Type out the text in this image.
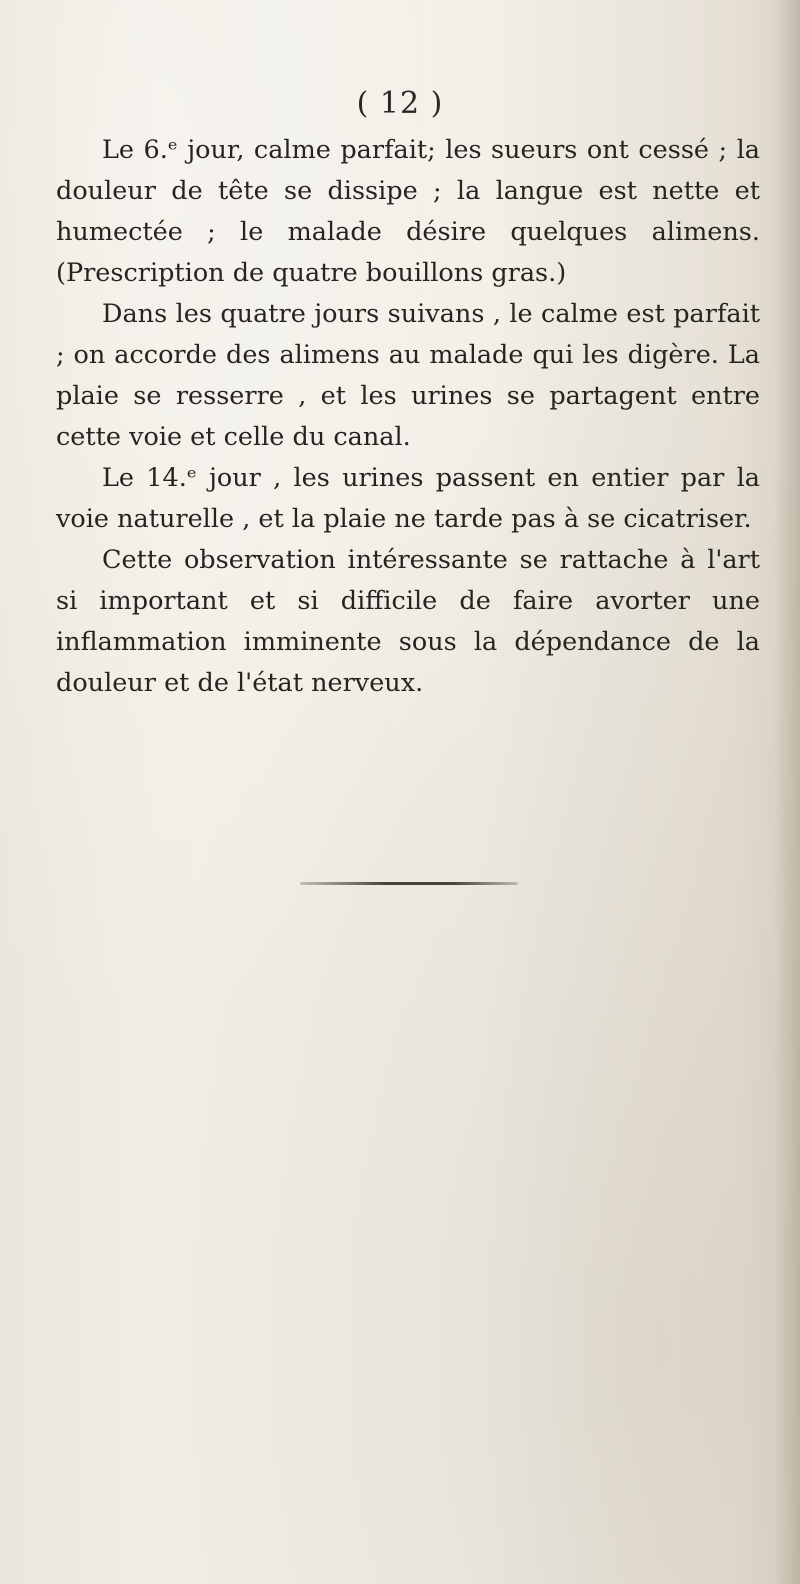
( 12 )

Le 6.ᵉ jour, calme parfait; les sueurs ont cessé ; la douleur de tête se dissipe ; la langue est nette et humectée ; le malade désire quelques alimens. (Prescription de quatre bouillons gras.)

Dans les quatre jours suivans , le calme est parfait ; on accorde des alimens au malade qui les digère. La plaie se resserre , et les urines se partagent entre cette voie et celle du canal.

Le 14.ᵉ jour , les urines passent en entier par la voie naturelle , et la plaie ne tarde pas à se cicatriser.

Cette observation intéressante se rattache à l'art si important et si difficile de faire avorter une inflammation imminente sous la dépendance de la douleur et de l'état nerveux.
